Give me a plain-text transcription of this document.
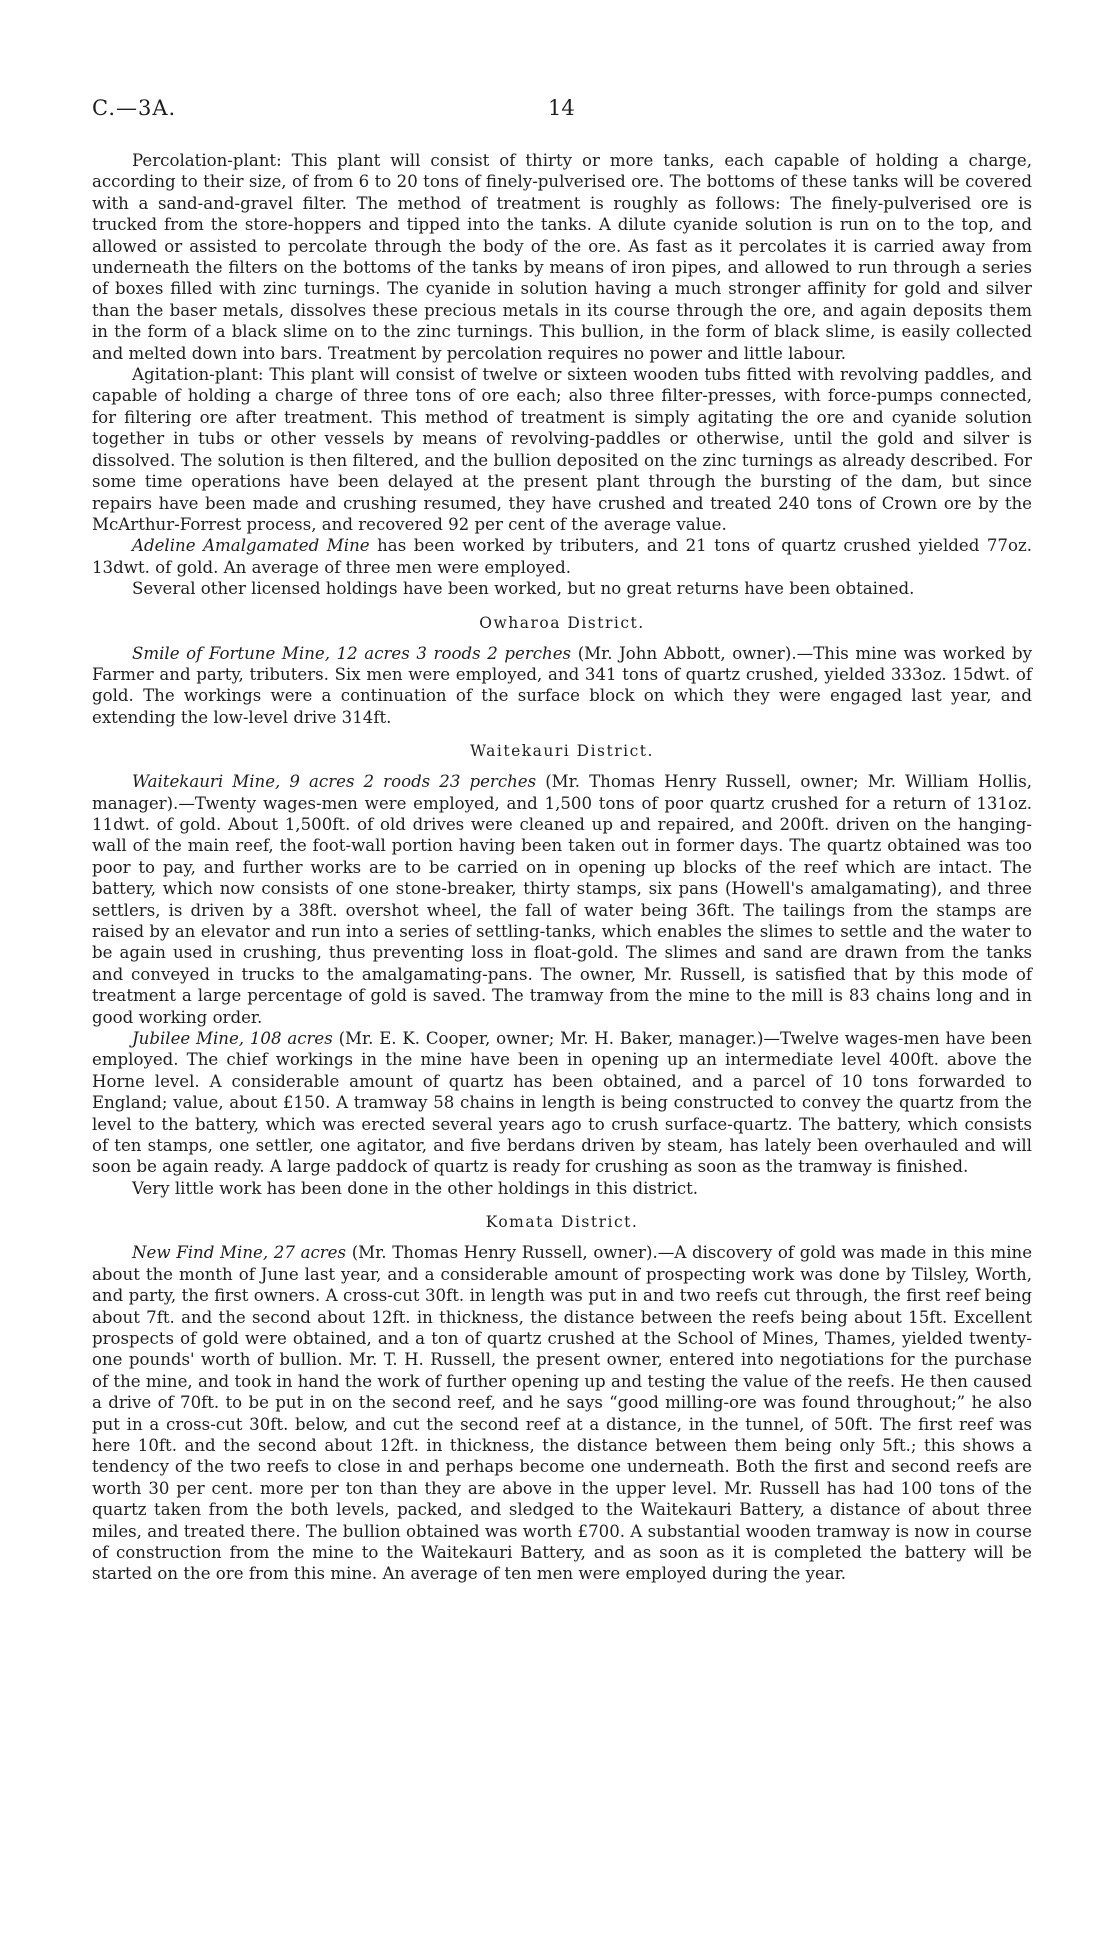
C.—3A.	14

Percolation-plant: This plant will consist of thirty or more tanks, each capable of holding a charge, according to their size, of from 6 to 20 tons of finely-pulverised ore. The bottoms of these tanks will be covered with a sand-and-gravel filter. The method of treatment is roughly as follows: The finely-pulverised ore is trucked from the store-hoppers and tipped into the tanks. A dilute cyanide solution is run on to the top, and allowed or assisted to percolate through the body of the ore. As fast as it percolates it is carried away from underneath the filters on the bottoms of the tanks by means of iron pipes, and allowed to run through a series of boxes filled with zinc turnings. The cyanide in solution having a much stronger affinity for gold and silver than the baser metals, dissolves these precious metals in its course through the ore, and again deposits them in the form of a black slime on to the zinc turnings. This bullion, in the form of black slime, is easily collected and melted down into bars. Treatment by percolation requires no power and little labour.

Agitation-plant: This plant will consist of twelve or sixteen wooden tubs fitted with revolving paddles, and capable of holding a charge of three tons of ore each; also three filter-presses, with force-pumps connected, for filtering ore after treatment. This method of treatment is simply agitating the ore and cyanide solution together in tubs or other vessels by means of revolving-paddles or otherwise, until the gold and silver is dissolved. The solution is then filtered, and the bullion deposited on the zinc turnings as already described. For some time operations have been delayed at the present plant through the bursting of the dam, but since repairs have been made and crushing resumed, they have crushed and treated 240 tons of Crown ore by the McArthur-Forrest process, and recovered 92 per cent of the average value.

Adeline Amalgamated Mine has been worked by tributers, and 21 tons of quartz crushed yielded 77oz. 13dwt. of gold. An average of three men were employed.

Several other licensed holdings have been worked, but no great returns have been obtained.

Owharoa District.

Smile of Fortune Mine, 12 acres 3 roods 2 perches (Mr. John Abbott, owner).—This mine was worked by Farmer and party, tributers. Six men were employed, and 341 tons of quartz crushed, yielded 333oz. 15dwt. of gold. The workings were a continuation of the surface block on which they were engaged last year, and extending the low-level drive 314ft.

Waitekauri District.

Waitekauri Mine, 9 acres 2 roods 23 perches (Mr. Thomas Henry Russell, owner; Mr. William Hollis, manager).—Twenty wages-men were employed, and 1,500 tons of poor quartz crushed for a return of 131oz. 11dwt. of gold. About 1,500ft. of old drives were cleaned up and repaired, and 200ft. driven on the hanging-wall of the main reef, the foot-wall portion having been taken out in former days. The quartz obtained was too poor to pay, and further works are to be carried on in opening up blocks of the reef which are intact. The battery, which now consists of one stone-breaker, thirty stamps, six pans (Howell's amalgamating), and three settlers, is driven by a 38ft. overshot wheel, the fall of water being 36ft. The tailings from the stamps are raised by an elevator and run into a series of settling-tanks, which enables the slimes to settle and the water to be again used in crushing, thus preventing loss in float-gold. The slimes and sand are drawn from the tanks and conveyed in trucks to the amalgamating-pans. The owner, Mr. Russell, is satisfied that by this mode of treatment a large percentage of gold is saved. The tramway from the mine to the mill is 83 chains long and in good working order.

Jubilee Mine, 108 acres (Mr. E. K. Cooper, owner; Mr. H. Baker, manager.)—Twelve wages-men have been employed. The chief workings in the mine have been in opening up an intermediate level 400ft. above the Horne level. A considerable amount of quartz has been obtained, and a parcel of 10 tons forwarded to England; value, about £150. A tramway 58 chains in length is being constructed to convey the quartz from the level to the battery, which was erected several years ago to crush surface-quartz. The battery, which consists of ten stamps, one settler, one agitator, and five berdans driven by steam, has lately been overhauled and will soon be again ready. A large paddock of quartz is ready for crushing as soon as the tramway is finished.

Very little work has been done in the other holdings in this district.

Komata District.

New Find Mine, 27 acres (Mr. Thomas Henry Russell, owner).—A discovery of gold was made in this mine about the month of June last year, and a considerable amount of prospecting work was done by Tilsley, Worth, and party, the first owners. A cross-cut 30ft. in length was put in and two reefs cut through, the first reef being about 7ft. and the second about 12ft. in thickness, the distance between the reefs being about 15ft. Excellent prospects of gold were obtained, and a ton of quartz crushed at the School of Mines, Thames, yielded twenty-one pounds' worth of bullion. Mr. T. H. Russell, the present owner, entered into negotiations for the purchase of the mine, and took in hand the work of further opening up and testing the value of the reefs. He then caused a drive of 70ft. to be put in on the second reef, and he says “good milling-ore was found throughout;” he also put in a cross-cut 30ft. below, and cut the second reef at a distance, in the tunnel, of 50ft. The first reef was here 10ft. and the second about 12ft. in thickness, the distance between them being only 5ft.; this shows a tendency of the two reefs to close in and perhaps become one underneath. Both the first and second reefs are worth 30 per cent. more per ton than they are above in the upper level. Mr. Russell has had 100 tons of the quartz taken from the both levels, packed, and sledged to the Waitekauri Battery, a distance of about three miles, and treated there. The bullion obtained was worth £700. A substantial wooden tramway is now in course of construction from the mine to the Waitekauri Battery, and as soon as it is completed the battery will be started on the ore from this mine. An average of ten men were employed during the year.
